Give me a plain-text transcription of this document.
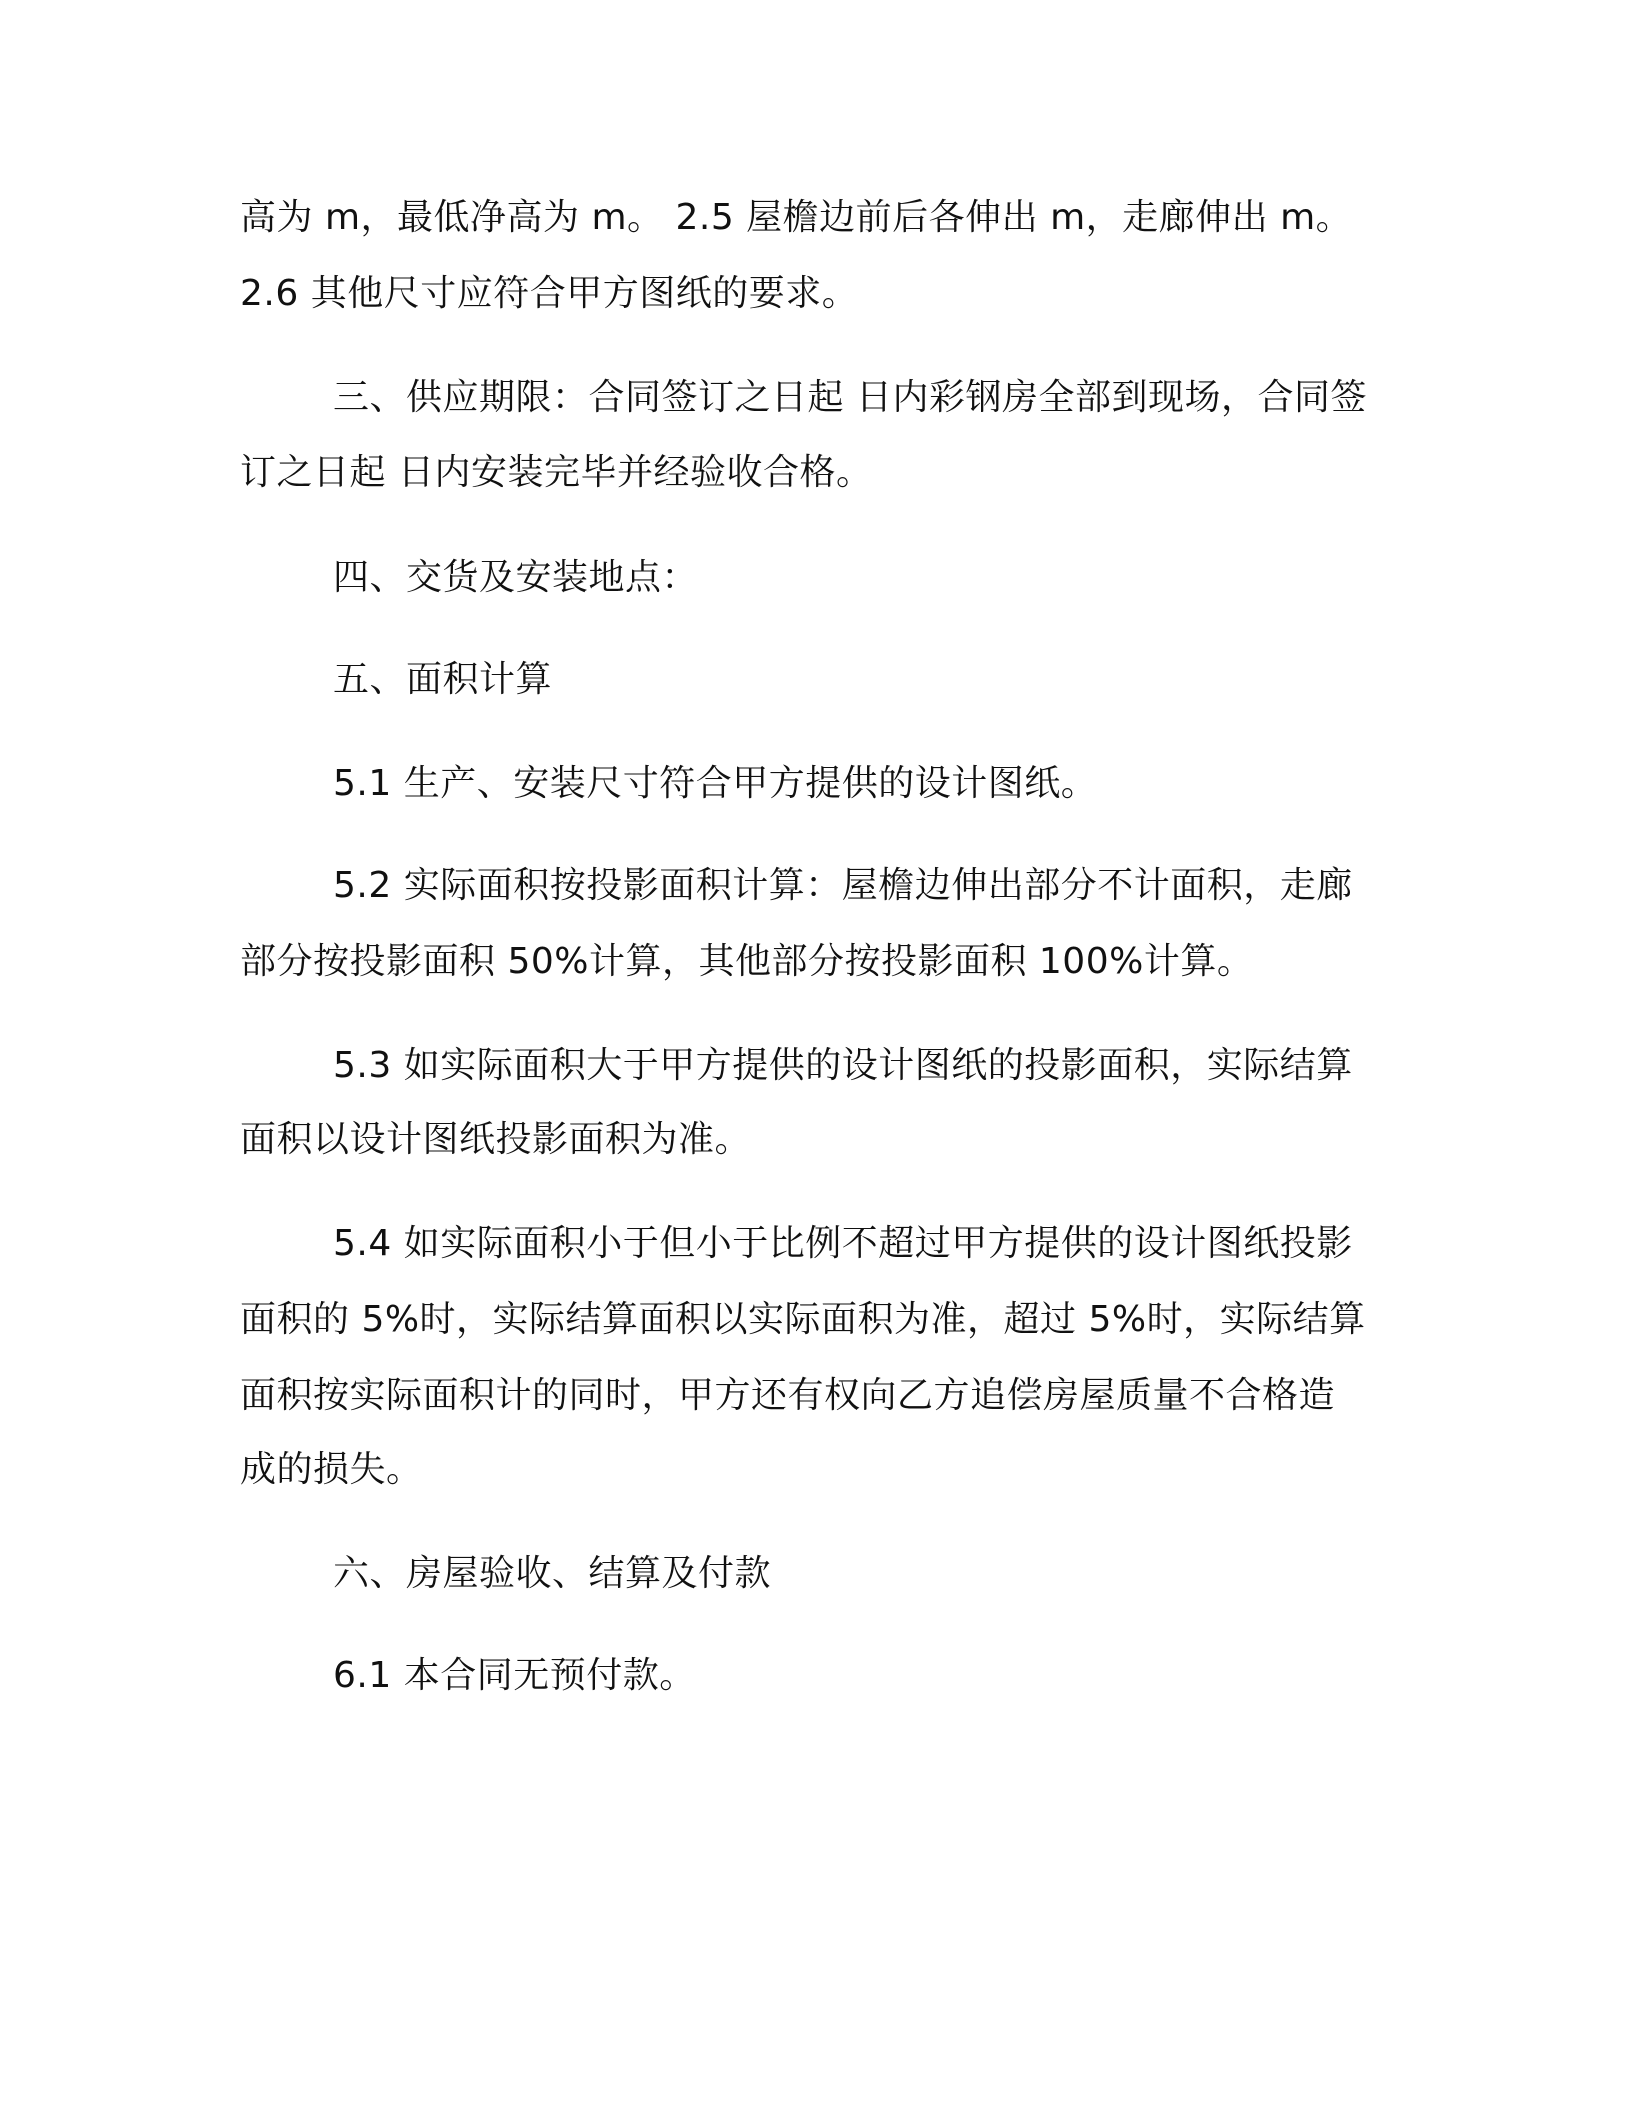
高为 m，最低净高为 m。 2.5 屋檐边前后各伸出 m，走廊伸出 m。
2.6 其他尺寸应符合甲方图纸的要求。
三、供应期限：合同签订之日起 日内彩钢房全部到现场，合同签
订之日起 日内安装完毕并经验收合格。
四、交货及安装地点：
五、面积计算
5.1 生产、安装尺寸符合甲方提供的设计图纸。
5.2 实际面积按投影面积计算：屋檐边伸出部分不计面积，走廊
部分按投影面积 50%计算，其他部分按投影面积 100%计算。
5.3 如实际面积大于甲方提供的设计图纸的投影面积，实际结算
面积以设计图纸投影面积为准。
5.4 如实际面积小于但小于比例不超过甲方提供的设计图纸投影
面积的 5%时，实际结算面积以实际面积为准，超过 5%时，实际结算
面积按实际面积计的同时，甲方还有权向乙方追偿房屋质量不合格造
成的损失。
六、房屋验收、结算及付款
6.1 本合同无预付款。
